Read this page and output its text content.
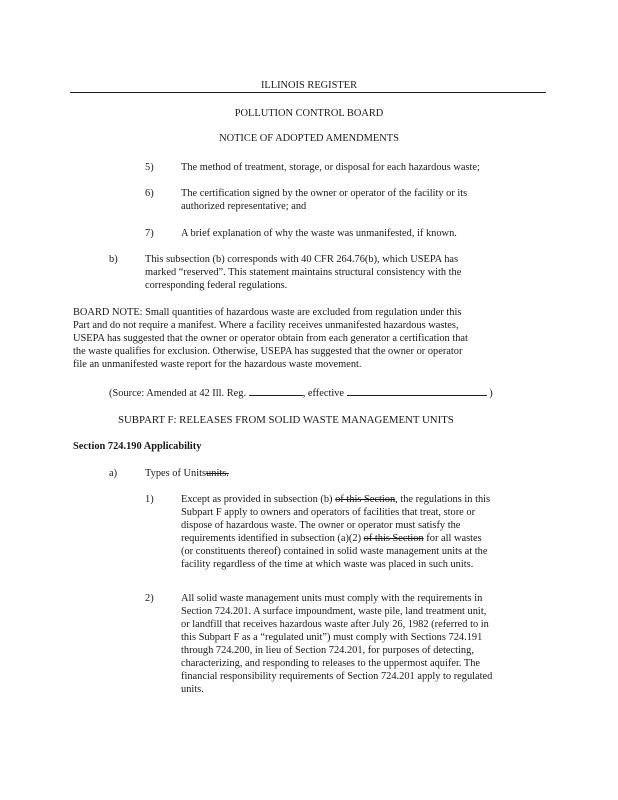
ILLINOIS REGISTER
POLLUTION CONTROL BOARD
NOTICE OF ADOPTED AMENDMENTS
5)	The method of treatment, storage, or disposal for each hazardous waste;
6)	The certification signed by the owner or operator of the facility or its
authorized representative; and
7)	A brief explanation of why the waste was unmanifested, if known.
b)	This subsection (b) corresponds with 40 CFR 264.76(b), which USEPA has
marked “reserved”. This statement maintains structural consistency with the
corresponding federal regulations.
BOARD NOTE: Small quantities of hazardous waste are excluded from regulation under this
Part and do not require a manifest. Where a facility receives unmanifested hazardous wastes,
USEPA has suggested that the owner or operator obtain from each generator a certification that
the waste qualifies for exclusion. Otherwise, USEPA has suggested that the owner or operator
file an unmanifested waste report for the hazardous waste movement.
(Source: Amended at 42 Ill. Reg.	, effective	)
SUBPART F: RELEASES FROM SOLID WASTE MANAGEMENT UNITS
Section 724.190 Applicability
a)	Types of Unitsunits.
1)	Except as provided in subsection (b) of this Section, the regulations in this
Subpart F apply to owners and operators of facilities that treat, store or
dispose of hazardous waste. The owner or operator must satisfy the
requirements identified in subsection (a)(2) of this Section for all wastes
(or constituents thereof) contained in solid waste management units at the
facility regardless of the time at which waste was placed in such units.
2)	All solid waste management units must comply with the requirements in
Section 724.201. A surface impoundment, waste pile, land treatment unit,
or landfill that receives hazardous waste after July 26, 1982 (referred to in
this Subpart F as a “regulated unit”) must comply with Sections 724.191
through 724.200, in lieu of Section 724.201, for purposes of detecting,
characterizing, and responding to releases to the uppermost aquifer. The
financial responsibility requirements of Section 724.201 apply to regulated
units.
